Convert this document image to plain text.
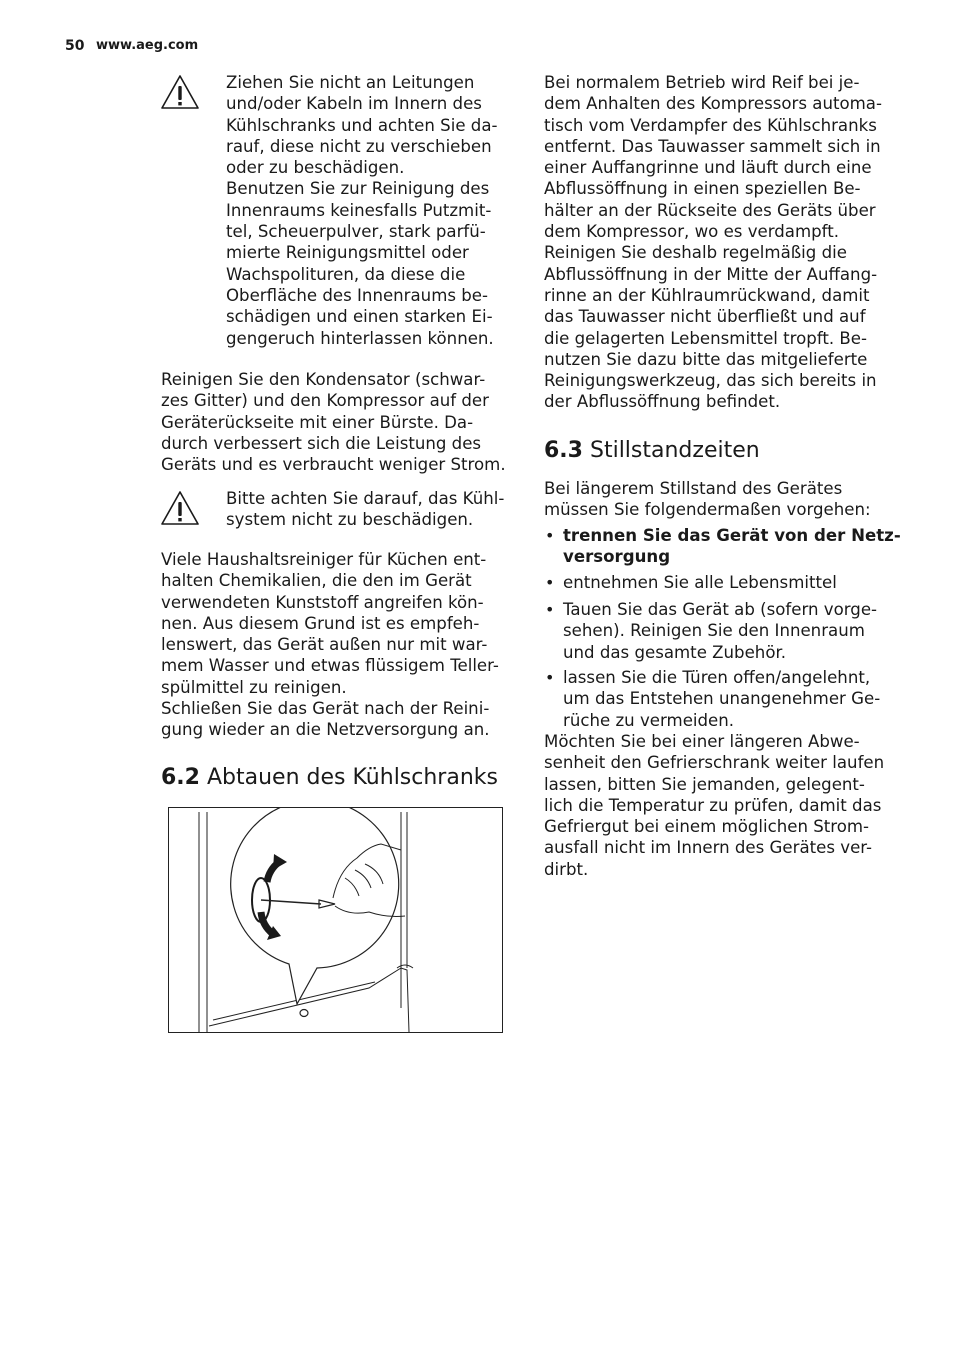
50 www.aeg.com
Ziehen Sie nicht an Leitungen
und/oder Kabeln im Innern des
Kühlschranks und achten Sie da-
rauf, diese nicht zu verschieben
oder zu beschädigen.
Benutzen Sie zur Reinigung des
Innenraums keinesfalls Putzmit-
tel, Scheuerpulver, stark parfü-
mierte Reinigungsmittel oder
Wachspolituren, da diese die
Oberfläche des Innenraums be-
schädigen und einen starken Ei-
gengeruch hinterlassen können.
Reinigen Sie den Kondensator (schwar-
zes Gitter) und den Kompressor auf der
Geräterückseite mit einer Bürste. Da-
durch verbessert sich die Leistung des
Geräts und es verbraucht weniger Strom.
Bitte achten Sie darauf, das Kühl-
system nicht zu beschädigen.
Viele Haushaltsreiniger für Küchen ent-
halten Chemikalien, die den im Gerät
verwendeten Kunststoff angreifen kön-
nen. Aus diesem Grund ist es empfeh-
lenswert, das Gerät außen nur mit war-
mem Wasser und etwas flüssigem Teller-
spülmittel zu reinigen.
Schließen Sie das Gerät nach der Reini-
gung wieder an die Netzversorgung an.
6.2 Abtauen des Kühlschranks
Bei normalem Betrieb wird Reif bei je-
dem Anhalten des Kompressors automa-
tisch vom Verdampfer des Kühlschranks
entfernt. Das Tauwasser sammelt sich in
einer Auffangrinne und läuft durch eine
Abflussöffnung in einen speziellen Be-
hälter an der Rückseite des Geräts über
dem Kompressor, wo es verdampft.
Reinigen Sie deshalb regelmäßig die
Abflussöffnung in der Mitte der Auffang-
rinne an der Kühlraumrückwand, damit
das Tauwasser nicht überfließt und auf
die gelagerten Lebensmittel tropft. Be-
nutzen Sie dazu bitte das mitgelieferte
Reinigungswerkzeug, das sich bereits in
der Abflussöffnung befindet.
6.3 Stillstandzeiten
Bei längerem Stillstand des Gerätes
müssen Sie folgendermaßen vorgehen:
• trennen Sie das Gerät von der Netz-
versorgung
• entnehmen Sie alle Lebensmittel
• Tauen Sie das Gerät ab (sofern vorge-
sehen). Reinigen Sie den Innenraum
und das gesamte Zubehör.
• lassen Sie die Türen offen/angelehnt,
um das Entstehen unangenehmer Ge-
rüche zu vermeiden.
Möchten Sie bei einer längeren Abwe-
senheit den Gefrierschrank weiter laufen
lassen, bitten Sie jemanden, gelegent-
lich die Temperatur zu prüfen, damit das
Gefriergut bei einem möglichen Strom-
ausfall nicht im Innern des Gerätes ver-
dirbt.
